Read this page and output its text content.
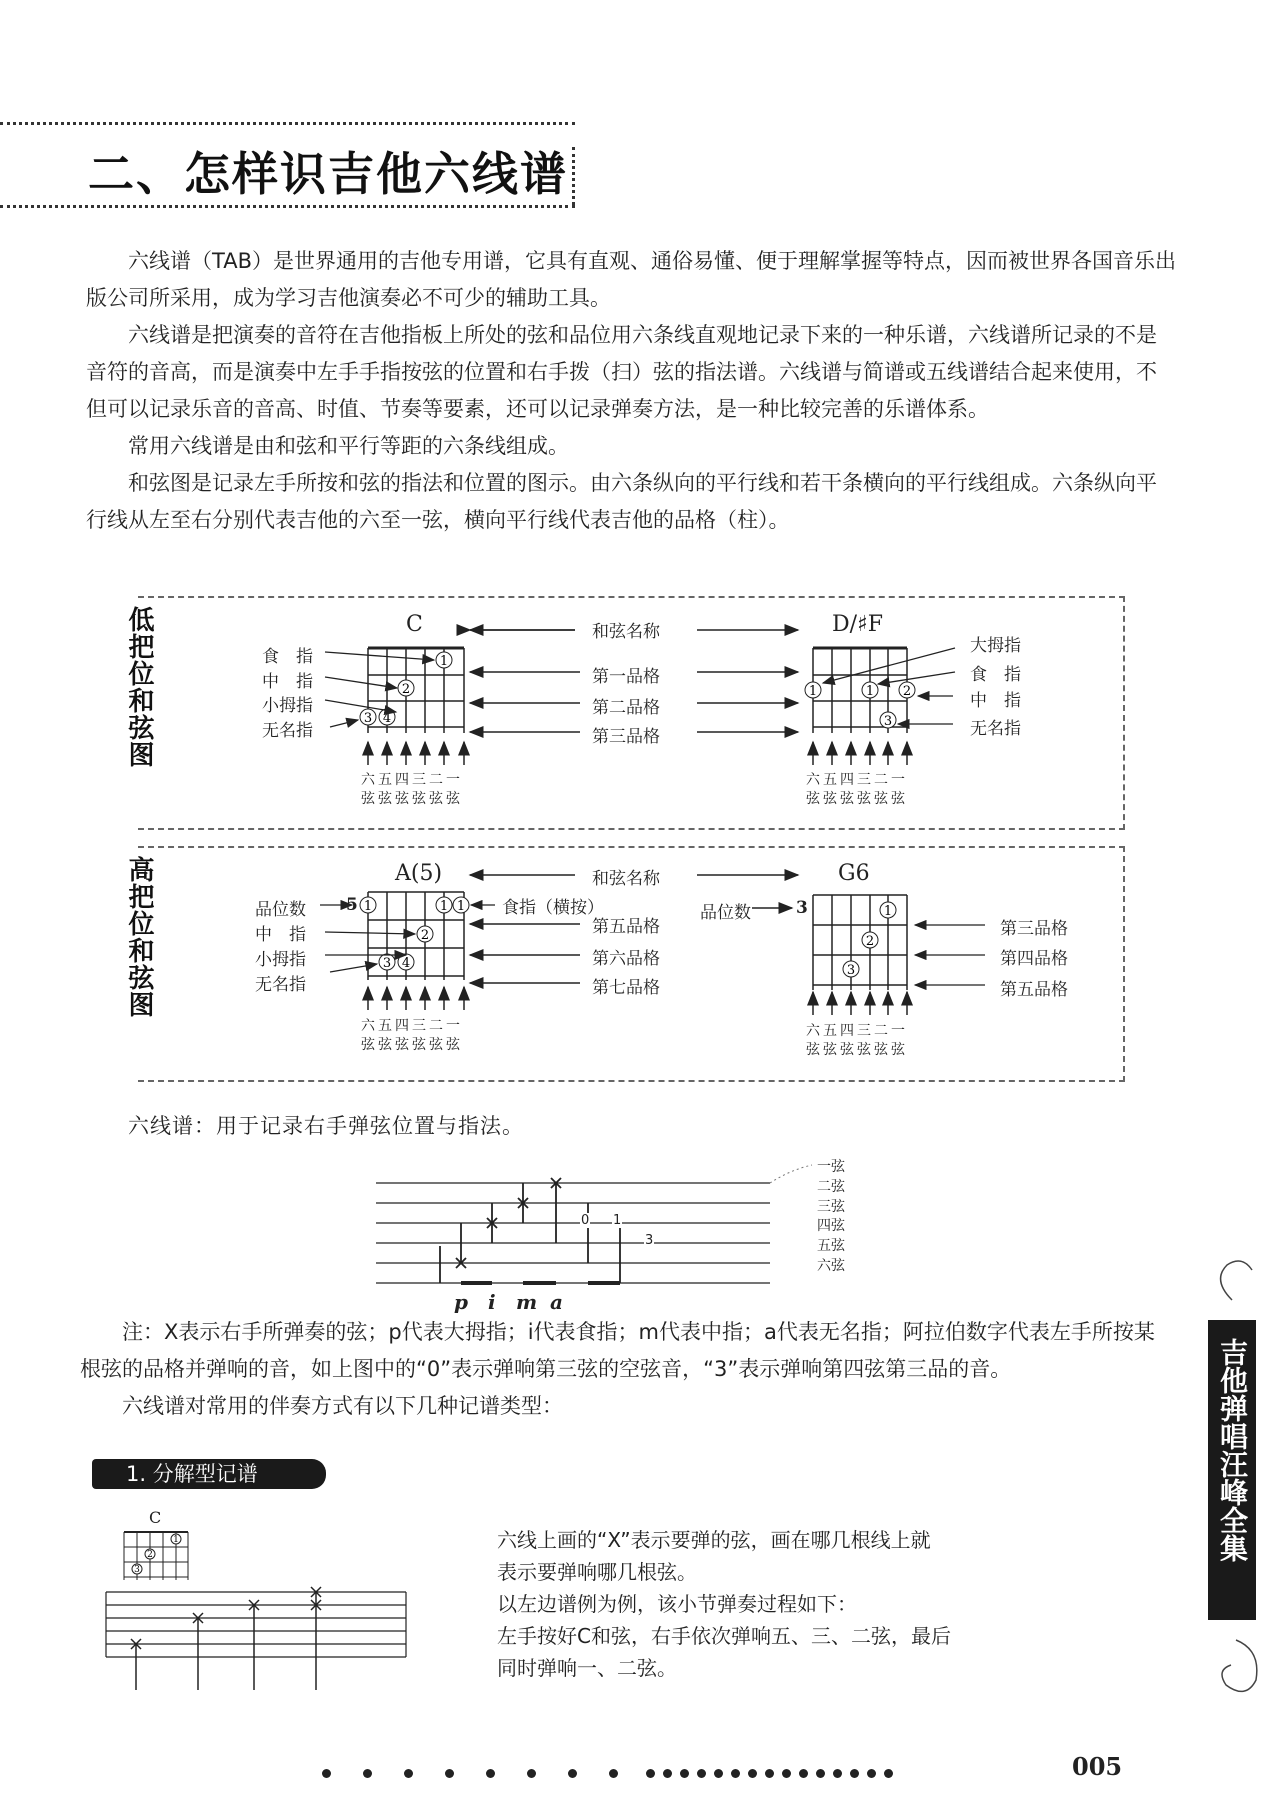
二、怎样识吉他六线谱

六线谱（TAB）是世界通用的吉他专用谱，它具有直观、通俗易懂、便于理解掌握等特点，因而被世界各国音乐出版公司所采用，成为学习吉他演奏必不可少的辅助工具。

六线谱是把演奏的音符在吉他指板上所处的弦和品位用六条线直观地记录下来的一种乐谱，六线谱所记录的不是音符的音高，而是演奏中左手手指按弦的位置和右手拨（扫）弦的指法谱。六线谱与简谱或五线谱结合起来使用，不但可以记录乐音的音高、时值、节奏等要素，还可以记录弹奏方法，是一种比较完善的乐谱体系。

常用六线谱是由和弦和平行等距的六条线组成。

和弦图是记录左手所按和弦的指法和位置的图示。由六条纵向的平行线和若干条横向的平行线组成。六条纵向平行线从左至右分别代表吉他的六至一弦，横向平行线代表吉他的品格（柱）。

低把位和弦图	1
2
3 4
1	1 2
3
1	1 1
2
3 4
1
2
3
1
2
3
C	D/♯F
和弦名称
第一品格
第二品格
第三品格
食　指
中　指
小拇指
无名指
大拇指
食　指
中　指
无名指
六五四三二一
弦弦弦弦弦弦
六五四三二一
弦弦弦弦弦弦
高把位和弦图	A(5)	G6
和弦名称
第五品格
第六品格
第七品格
食指（横按）
品位数
中　指
小拇指
无名指
5	品位数	3
第三品格
第四品格
第五品格
六五四三二一
弦弦弦弦弦弦
六五四三二一
弦弦弦弦弦弦
六线谱：用于记录右手弹弦位置与指法。
一弦
二弦
三弦
四弦
五弦
六弦
0 1
3
p i m a

注：X表示右手所弹奏的弦；p代表大拇指；i代表食指；m代表中指；a代表无名指；阿拉伯数字代表左手所按某根弦的品格并弹响的音，如上图中的“0”表示弹响第三弦的空弦音，“3”表示弹响第四弦第三品的音。

六线谱对常用的伴奏方式有以下几种记谱类型：

1. 分解型记谱
C
六线上画的“X”表示要弹的弦，画在哪几根线上就
表示要弹响哪几根弦。
以左边谱例为例，该小节弹奏过程如下：
左手按好C和弦，右手依次弹响五、三、二弦，最后
同时弹响一、二弦。
吉他弹唱汪峰全集

005
